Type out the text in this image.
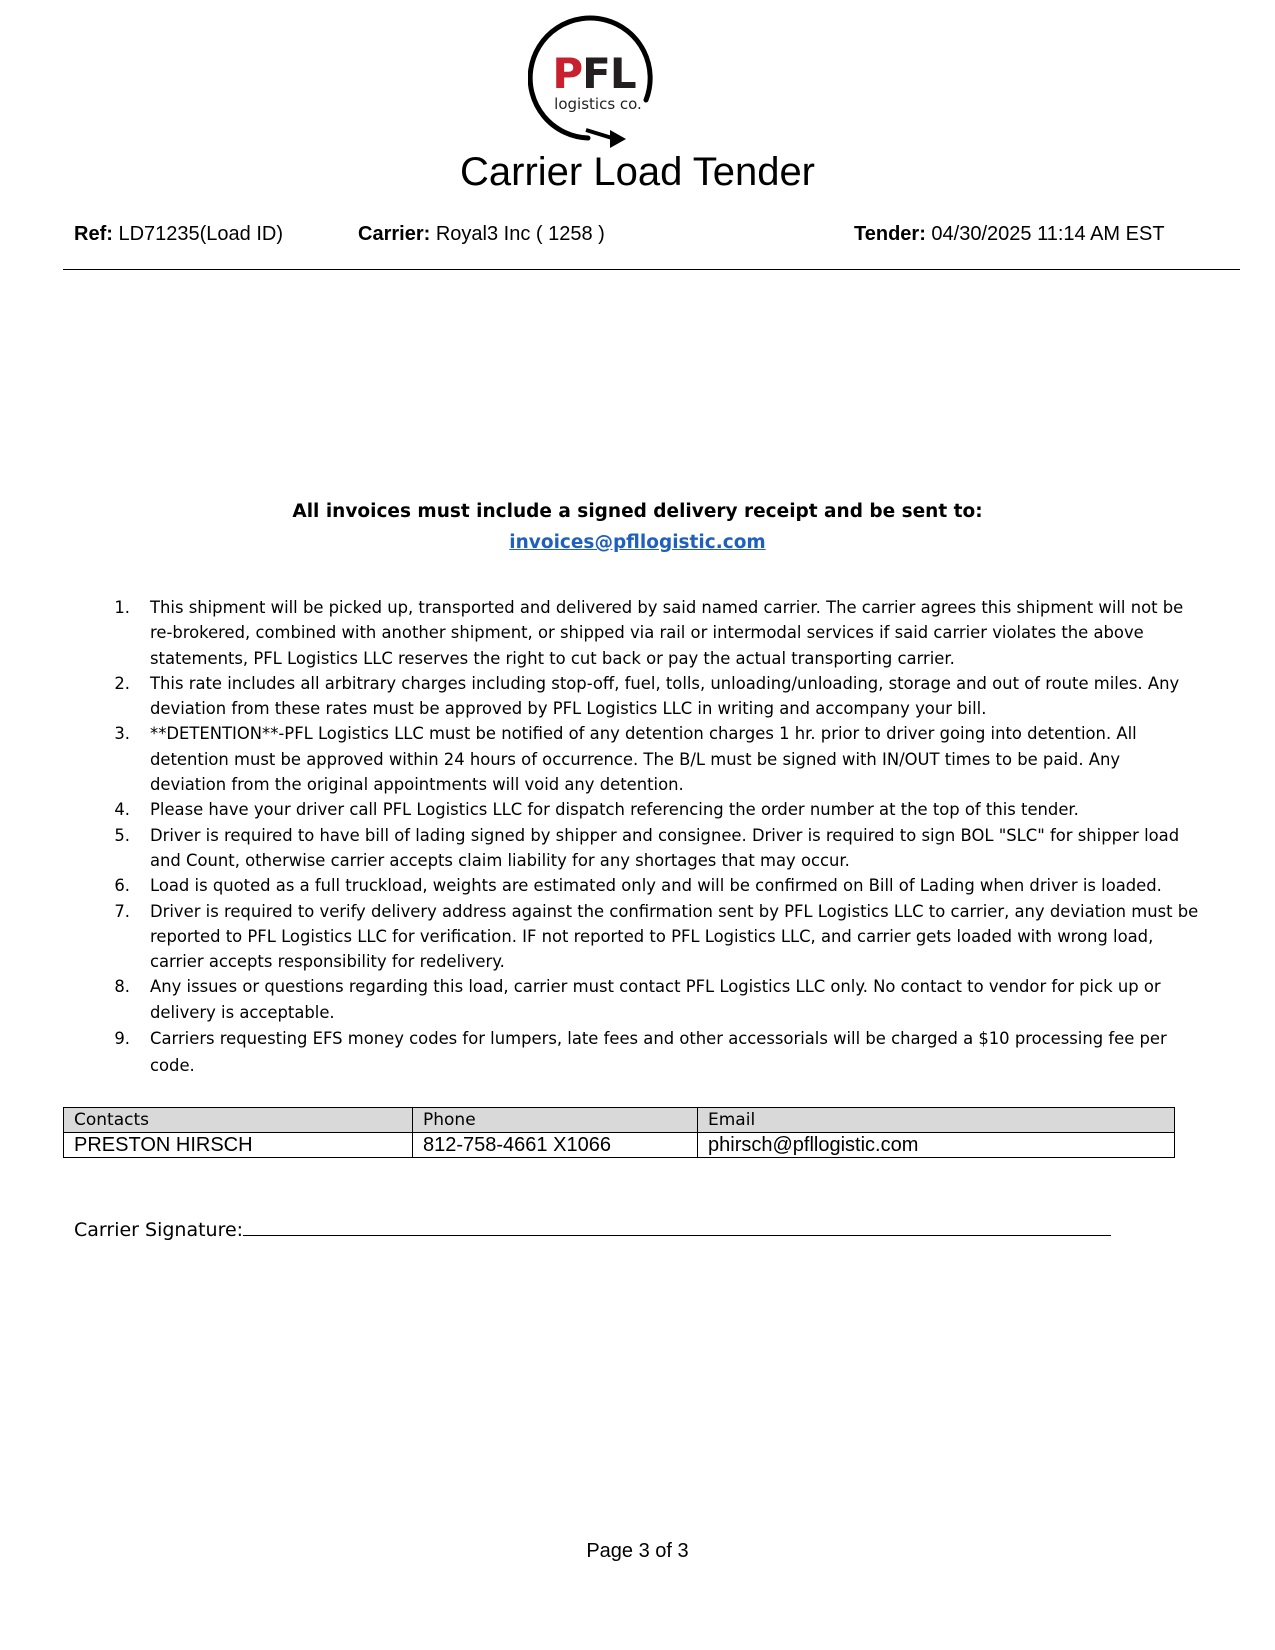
PFL
logistics co.
Carrier Load Tender
Ref: LD71235(Load ID)	Carrier: Royal3 Inc ( 1258 )	Tender: 04/30/2025 11:14 AM EST
All invoices must include a signed delivery receipt and be sent to:
invoices@pfllogistic.com
1. This shipment will be picked up, transported and delivered by said named carrier. The carrier agrees this shipment will not be re-brokered, combined with another shipment, or shipped via rail or intermodal services if said carrier violates the above statements, PFL Logistics LLC reserves the right to cut back or pay the actual transporting carrier.
2. This rate includes all arbitrary charges including stop-off, fuel, tolls, unloading/unloading, storage and out of route miles. Any deviation from these rates must be approved by PFL Logistics LLC in writing and accompany your bill.
3. **DETENTION**-PFL Logistics LLC must be notified of any detention charges 1 hr. prior to driver going into detention. All detention must be approved within 24 hours of occurrence. The B/L must be signed with IN/OUT times to be paid. Any deviation from the original appointments will void any detention.
4. Please have your driver call PFL Logistics LLC for dispatch referencing the order number at the top of this tender.
5. Driver is required to have bill of lading signed by shipper and consignee. Driver is required to sign BOL "SLC" for shipper load and Count, otherwise carrier accepts claim liability for any shortages that may occur.
6. Load is quoted as a full truckload, weights are estimated only and will be confirmed on Bill of Lading when driver is loaded.
7. Driver is required to verify delivery address against the confirmation sent by PFL Logistics LLC to carrier, any deviation must be reported to PFL Logistics LLC for verification. IF not reported to PFL Logistics LLC, and carrier gets loaded with wrong load, carrier accepts responsibility for redelivery.
8. Any issues or questions regarding this load, carrier must contact PFL Logistics LLC only. No contact to vendor for pick up or delivery is acceptable.
9. Carriers requesting EFS money codes for lumpers, late fees and other accessorials will be charged a $10 processing fee per code.
Contacts	Phone	Email
PRESTON HIRSCH	812-758-4661 X1066	phirsch@pfllogistic.com
Carrier Signature:
Page 3 of 3
